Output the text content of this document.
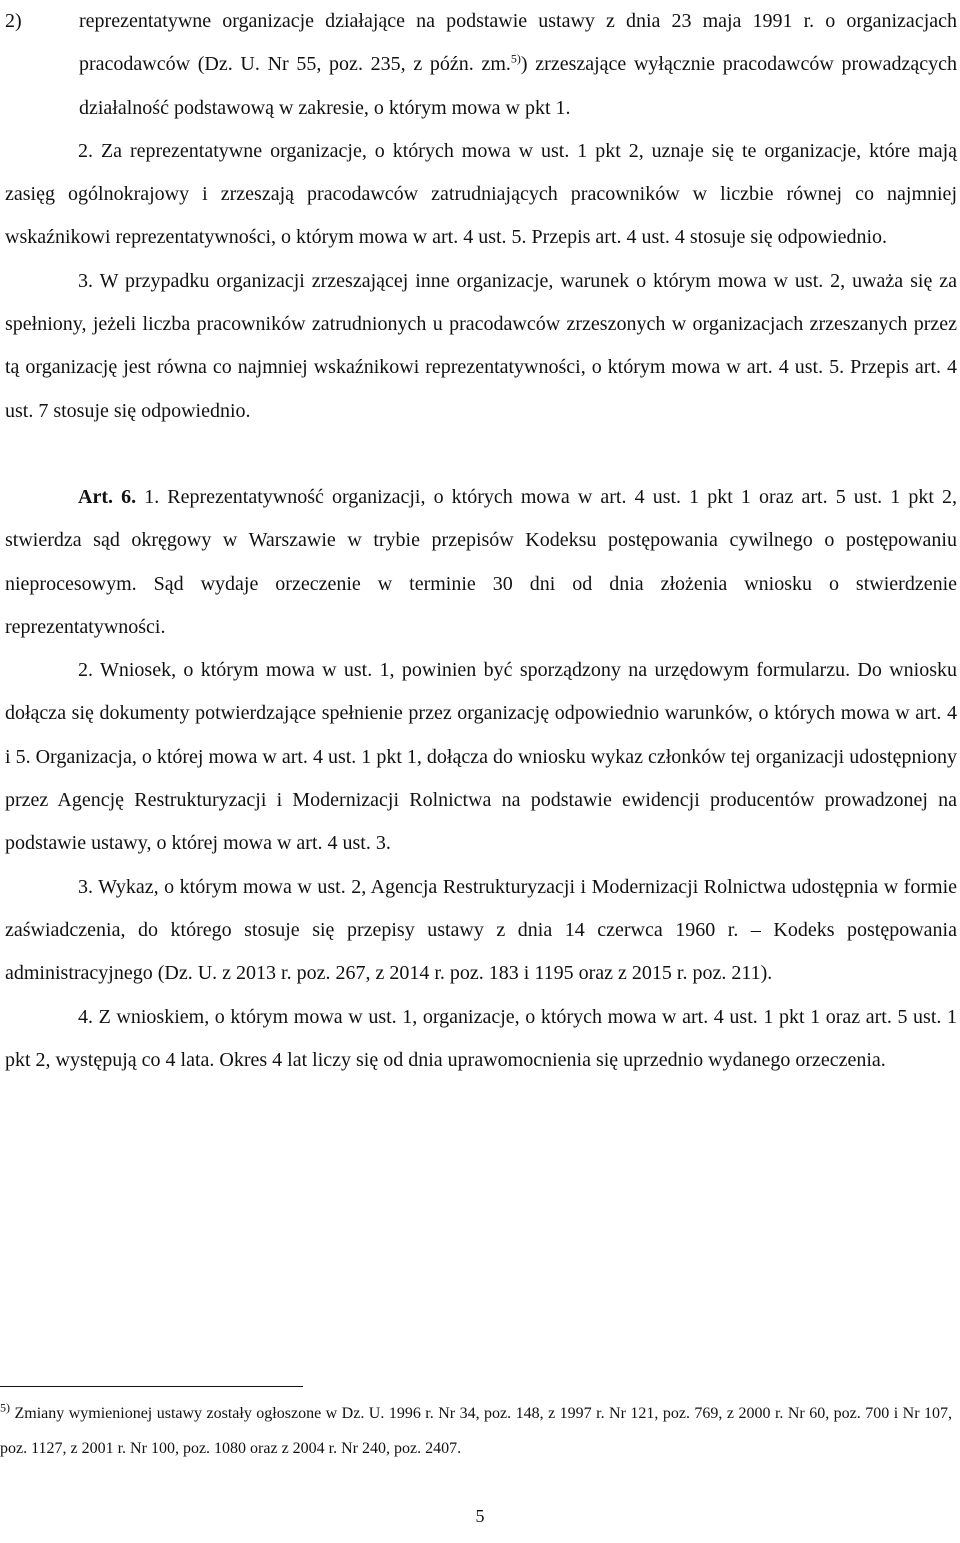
2)	reprezentatywne organizacje działające na podstawie ustawy z dnia 23 maja 1991 r. o organizacjach pracodawców (Dz. U. Nr 55, poz. 235, z późn. zm.$^{5)}$) zrzeszające wyłącznie pracodawców prowadzących działalność podstawową w zakresie, o którym mowa w pkt 1.

2. Za reprezentatywne organizacje, o których mowa w ust. 1 pkt 2, uznaje się te organizacje, które mają zasięg ogólnokrajowy i zrzeszają pracodawców zatrudniających pracowników w liczbie równej co najmniej wskaźnikowi reprezentatywności, o którym mowa w art. 4 ust. 5. Przepis art. 4 ust. 4 stosuje się odpowiednio.

3. W przypadku organizacji zrzeszającej inne organizacje, warunek o którym mowa w ust. 2, uważa się za spełniony, jeżeli liczba pracowników zatrudnionych u pracodawców zrzeszonych w organizacjach zrzeszanych przez tą organizację jest równa co najmniej wskaźnikowi reprezentatywności, o którym mowa w art. 4 ust. 5. Przepis art. 4 ust. 7 stosuje się odpowiednio.

Art. 6. 1. Reprezentatywność organizacji, o których mowa w art. 4 ust. 1 pkt 1 oraz art. 5 ust. 1 pkt 2, stwierdza sąd okręgowy w Warszawie w trybie przepisów Kodeksu postępowania cywilnego o postępowaniu nieprocesowym. Sąd wydaje orzeczenie w terminie 30 dni od dnia złożenia wniosku o stwierdzenie reprezentatywności.

2. Wniosek, o którym mowa w ust. 1, powinien być sporządzony na urzędowym formularzu. Do wniosku dołącza się dokumenty potwierdzające spełnienie przez organizację odpowiednio warunków, o których mowa w art. 4 i 5. Organizacja, o której mowa w art. 4 ust. 1 pkt 1, dołącza do wniosku wykaz członków tej organizacji udostępniony przez Agencję Restrukturyzacji i Modernizacji Rolnictwa na podstawie ewidencji producentów prowadzonej na podstawie ustawy, o której mowa w art. 4 ust. 3.

3. Wykaz, o którym mowa w ust. 2, Agencja Restrukturyzacji i Modernizacji Rolnictwa udostępnia w formie zaświadczenia, do którego stosuje się przepisy ustawy z dnia 14 czerwca 1960 r. – Kodeks postępowania administracyjnego (Dz. U. z 2013 r. poz. 267, z 2014 r. poz. 183 i 1195 oraz z 2015 r. poz. 211).

4. Z wnioskiem, o którym mowa w ust. 1, organizacje, o których mowa w art. 4 ust. 1 pkt 1 oraz art. 5 ust. 1 pkt 2, występują co 4 lata. Okres 4 lat liczy się od dnia uprawomocnienia się uprzednio wydanego orzeczenia.

$^{5)}$ Zmiany wymienionej ustawy zostały ogłoszone w Dz. U. 1996 r. Nr 34, poz. 148, z 1997 r. Nr 121, poz. 769, z 2000 r. Nr 60, poz. 700 i Nr 107, poz. 1127, z 2001 r. Nr 100, poz. 1080 oraz z 2004 r. Nr 240, poz. 2407.

5
